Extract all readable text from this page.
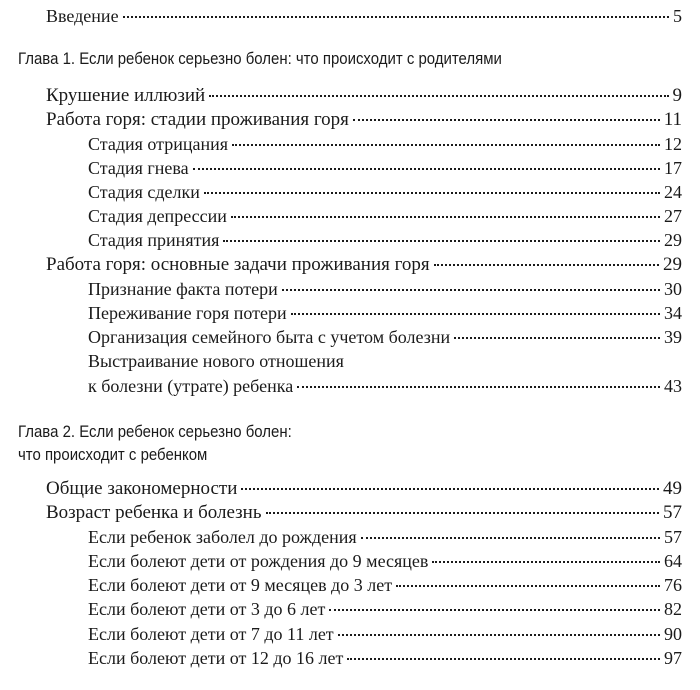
Введение	5
Глава 1. Если ребенок серьезно болен: что происходит с родителями
Крушение иллюзий	9
Работа горя: стадии проживания горя	11
Стадия отрицания	12
Стадия гнева	17
Стадия сделки	24
Стадия депрессии	27
Стадия принятия	29
Работа горя: основные задачи проживания горя	29
Признание факта потери	30
Переживание горя потери	34
Организация семейного быта с учетом болезни	39
Выстраивание нового отношения
к болезни (утрате) ребенка	43
Глава 2. Если ребенок серьезно болен:
что происходит с ребенком
Общие закономерности	49
Возраст ребенка и болезнь	57
Если ребенок заболел до рождения	57
Если болеют дети от рождения до 9 месяцев	64
Если болеют дети от 9 месяцев до 3 лет	76
Если болеют дети от 3 до 6 лет	82
Если болеют дети от 7 до 11 лет	90
Если болеют дети от 12 до 16 лет	97
